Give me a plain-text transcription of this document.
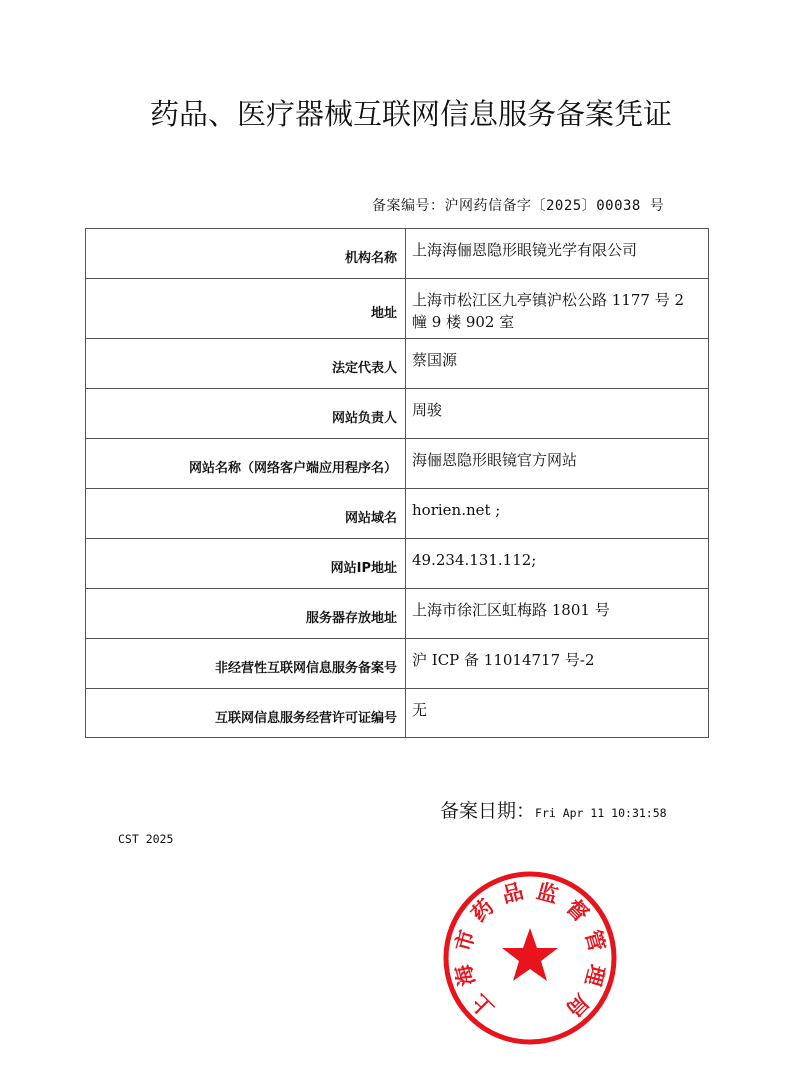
药品、医疗器械互联网信息服务备案凭证
备案编号：沪网药信备字〔2025〕00038 号
机构名称	上海海俪恩隐形眼镜光学有限公司
地址	上海市松江区九亭镇沪松公路 1177 号 2 幢 9 楼 902 室
法定代表人	蔡国源
网站负责人	周骏
网站名称（网络客户端应用程序名）	海俪恩隐形眼镜官方网站
网站域名	horien.net ;
网站IP地址	49.234.131.112;
服务器存放地址	上海市徐汇区虹梅路 1801 号
非经营性互联网信息服务备案号	沪 ICP 备 11014717 号-2
互联网信息服务经营许可证编号	无
备案日期：Fri Apr 11 10:31:58
CST 2025
上
海
市
药
品 监
督
管
理
局
